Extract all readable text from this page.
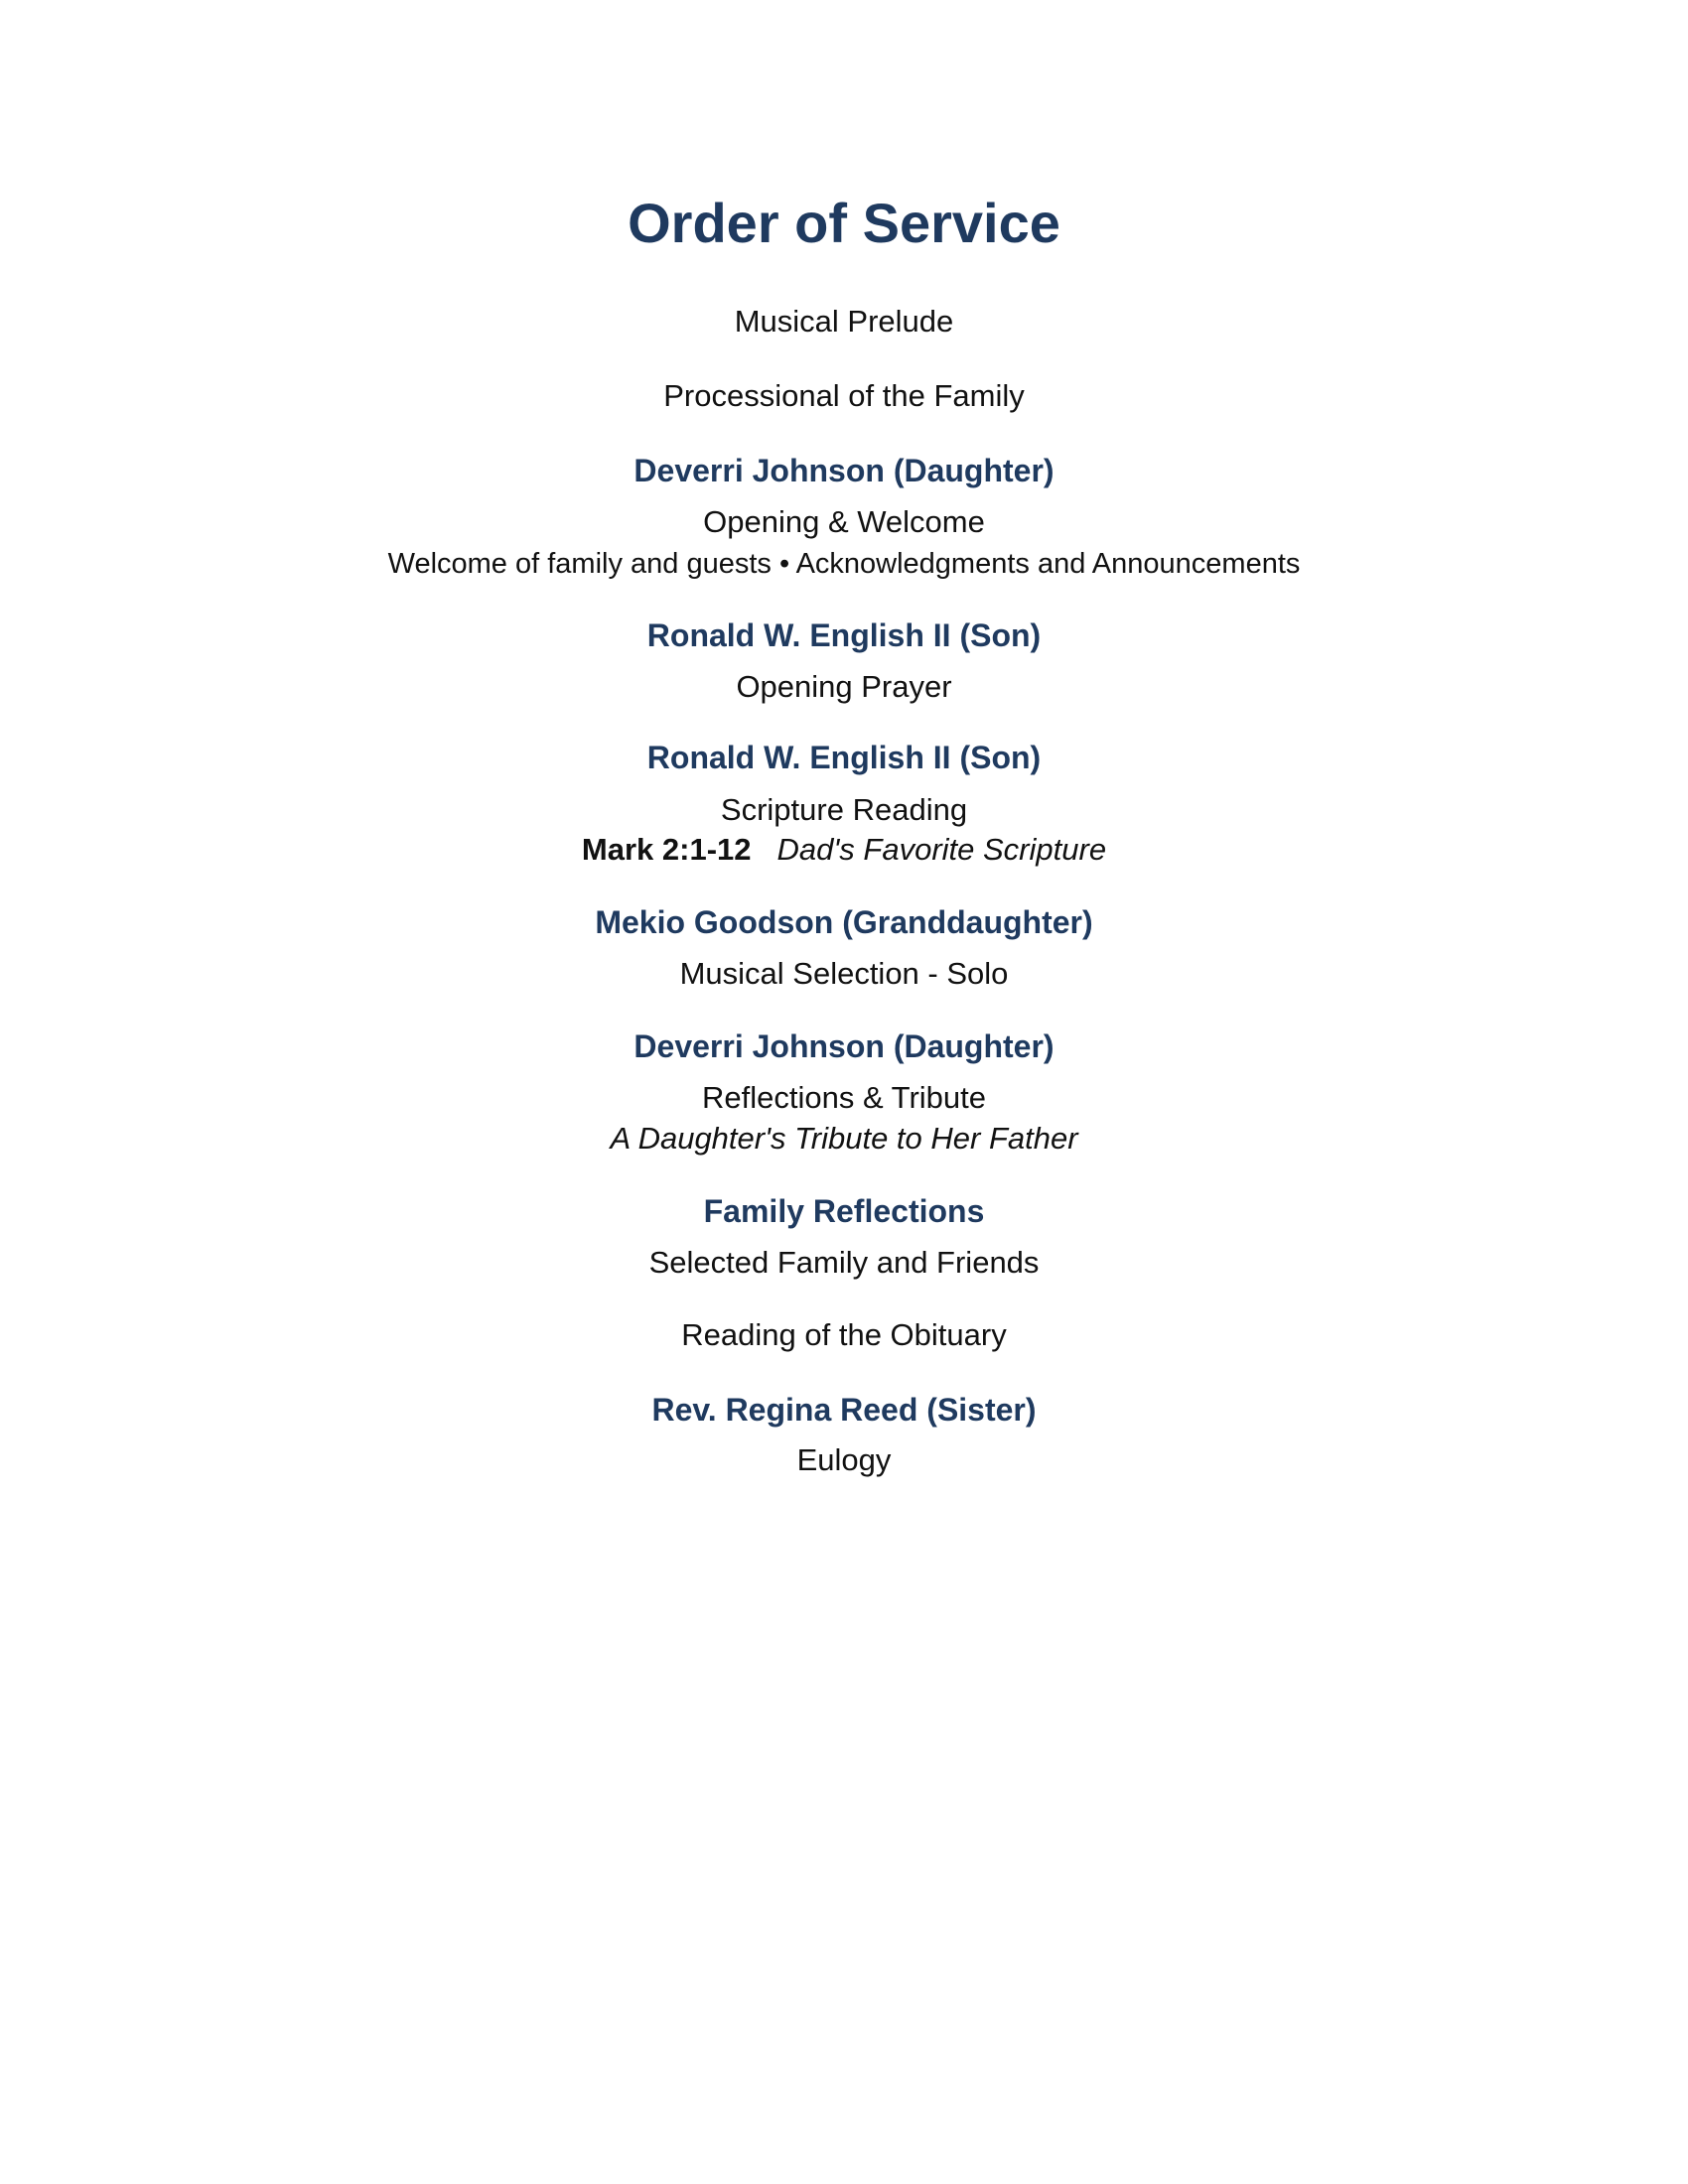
Order of Service

Musical Prelude

Processional of the Family

Deverri Johnson (Daughter)

Opening & Welcome

Welcome of family and guests • Acknowledgments and Announcements

Ronald W. English II (Son)

Opening Prayer

Ronald W. English II (Son)

Scripture Reading

Mark 2:1-12 Dad's Favorite Scripture

Mekio Goodson (Granddaughter)

Musical Selection - Solo

Deverri Johnson (Daughter)

Reflections & Tribute

A Daughter's Tribute to Her Father

Family Reflections

Selected Family and Friends

Reading of the Obituary

Rev. Regina Reed (Sister)

Eulogy
